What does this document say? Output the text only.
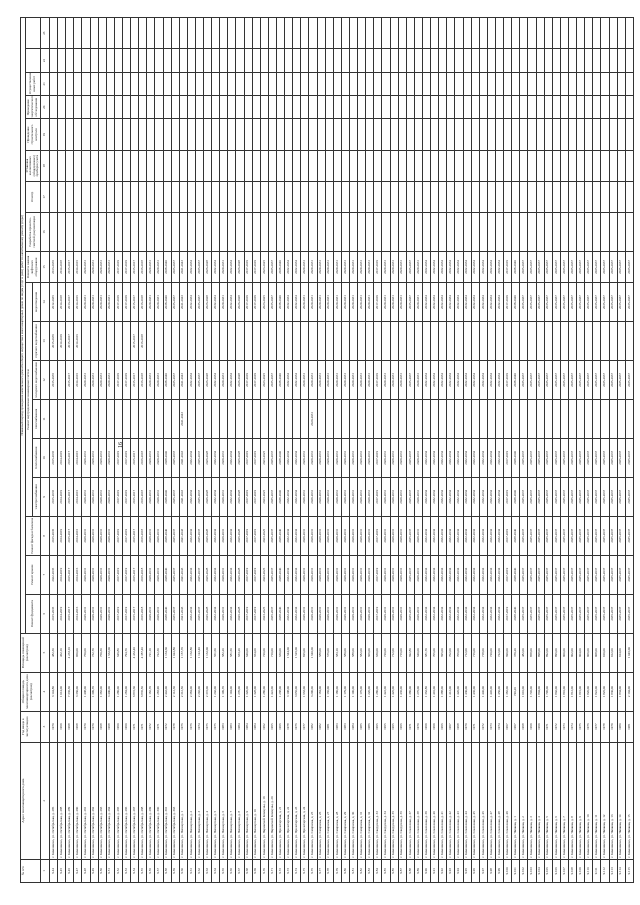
16
№ п/п	Адрес многоквартирного дома	Год ввода в эксплуатацию	Общая площадь многоквартирного дома (кв.метров)	Площадь помещений (кв.метров)	Плановый период проведения капитального ремонта общего имущества в многоквартирных домах по видам услуг и (или) работ по капитальному ремонту (годы)																	
					Ремонт фундамента	Ремонт крыши	Ремонт фасада и балконов	Ремонт внутридомовых инженерных систем						Ремонт и замена лифтового оборудования	Разработка проектно-сметной документации	Осмотр	Установка коллективных (общедомовых) приборов учета	Проведение строительного контроля	Проведение энергетического обследования	Осуществление иных работ		
								электроснабжения	теплоснабжения	газоснабжения	холодного водоснабжения	горячего водоснабжения	водоотведения									
1	2	3	4	5	6	7	8	9	10	11	12	13	14	15	16	17	18	19	20	21	22	23
9.44	г. Камешково, ул. Октябрьская, д. 286	1970	3 144,80	482,30	2015-2035	2022-2035	2015-2035	2015-2035	2015-2035		2015-2035	2015-2035	2012-2035	2013-2035								
9.45	г. Камешково, ул. Октябрьская, д. 288	1969	1 014,00	462,10	2014-2019	2014-2019	2014-2019	2014-2019	2014-2019			2014-2019	2014-2018	2014-2018								
9.46	г. Камешково, ул. Октябрьская, д. 289	1968	7 336,30	4 233,10	2015-2017	2015-2017	2015-2017	2015-2017	2015-2017		2015-2017	2015-2017	2013-2017	2015-2017								
9.47	г. Камешково, ул. Октябрьская, д. 290	1968	3 360,00	960,00	2014-2016	2014-2016	2014-2016	2014-2016	2014-2016		2014-2016	2014-2016	2014-2016	2014-2016								
9.48	г. Камешково, ул. Октябрьская, д. 291	1970	1 408,00	760,00	2029-2031	2029-2031	2029-2031	2029-2031	2029-2031		2029-2031		2029-2031	2029-2031								
9.49	г. Камешково, ул. Октябрьская, д. 292	1970	1 399,70	732,70	2029-2031	2029-2031	2029-2031	2029-2031	2029-2031		2029-2031		2029-2031	2029-2031								
9.50	г. Камешково, ул. Октябрьская, д. 293	1968	1 382,00	760,30	2029-2031	2029-2031	2029-2031	2029-2031	2029-2031		2029-2031		2029-2031	2029-2031								
9.51	г. Камешково, ул. Октябрьская, д. 294	1968	3 400,00	1 532,00	2029-2031	2029-2031	2029-2031	2029-2031	2029-2031		2029-2031		2029-2031	2029-2031								
9.52	г. Камешково, ул. Октябрьская, д. 295	1960	1 280,00	646,80	2017-2019	2017-2019	2017-2019	2017-2019	2017-2019		2017-2019		2017-2019	2017-2019								
9.53	г. Камешково, ул. Октябрьская, д. 296	1960	1 284,00	794,70	2017-2019	2017-2019	2017-2019	2017-2019	2017-2019		2017-2019		2017-2019	2017-2019								
9.54	г. Камешково, ул. Октябрьская, д. 297	1971	6 872,60	4 432,40	2015-2017	2015-2017	2015-2017	2015-2017	2015-2017		2015-2017	2015-2017	2015-2017	2015-2017								
9.55	г. Камешково, ул. Октябрьская, д. 298	1971	6 835,50	4 387,40	2016-2018	2016-2018	2016-2018	2016-2018	2016-2018		2016-2018	2016-2018	2016-2018	2016-2018								
9.56	г. Камешково, ул. Октябрьская, д. 299	1972	1 182,70	721,10	2029-2031	2029-2031	2029-2031	2029-2031	2029-2031		2029-2031		2029-2031	2029-2031								
9.57	г. Камешково, ул. Октябрьская, д. 300	1971	1 283,90	722,30	2029-2031	2029-2031	2029-2031	2029-2031	2029-2031		2029-2031		2029-2031	2029-2031								
9.58	г. Камешково, ул. Октябрьская, д. 301	1972	2 442,00	1 134,60	2038-2040	2038-2040	2038-2040	2038-2040	2038-2040		2038-2040		2038-2040	2038-2040								
9.59	г. Камешково, ул. Октябрьская, д. 303	1978	2 112,30	1 022,80	2035-2037	2035-2037	2035-2037	2035-2037	2035-2037		2035-2037		2035-2037	2035-2037								
9.60	г. Камешково, ул. Пионерская, д. 1	1976	2 312,50	1 157,70	2041-2043	2041-2043	2041-2043	2041-2043	2041-2043	2041-2043	2041-2043		2041-2043	2041-2043								
9.61	г. Камешково, ул. Пионерская, д. 2	1976	2 384,00	1 162,80	2032-2034	2032-2034	2032-2034	2032-2034	2032-2034		2032-2034		2032-2034	2032-2034								
9.62	г. Камешково, ул. Пионерская, д. 3	1974	2 292,00	1 122,40	2035-2037	2035-2037	2035-2037	2035-2037	2035-2037		2035-2037		2035-2037	2035-2037								
9.63	г. Камешково, ул. Пионерская, д. 4	1975	2 372,00	1 132,00	2026-2028	2026-2028	2026-2028	2026-2028	2026-2028		2026-2028		2026-2028	2026-2028								
9.64	г. Камешково, ул. Пионерская, д. 5	1975	1 202,00	561,60	2032-2034	2032-2034	2032-2034	2032-2034	2032-2034		2032-2034		2032-2034	2032-2034								
9.65	г. Камешково, ул. Пионерская, д. 6	1983	1 199,70	582,20	2029-2031	2029-2031	2029-2031	2029-2031	2029-2031		2029-2031		2029-2031	2029-2031								
9.66	г. Камешково, ул. Пионерская, д. 7	1983	1 194,00	581,50	2032-2034	2032-2034	2032-2034	2032-2034	2032-2034		2032-2034		2032-2034	2032-2034								
9.67	г. Камешково, ул. Пионерская, д. 8	1984	1 270,00	633,20	2026-2028	2026-2028	2026-2028	2026-2028	2026-2028		2026-2028		2026-2028	2026-2028								
9.68	г. Камешково, ул. Пионерская, д. 9	1984	1 320,00	640,00	2017-2019	2017-2019	2017-2019	2017-2019	2017-2019		2017-2019		2017-2019	2017-2019								
9.69	г. Камешково, ул. Пионерская, д. 10	1984	1 328,00	654,00	2017-2019	2017-2019	2017-2019	2017-2019	2017-2019		2017-2019		2017-2019	2017-2019								
9.70	г. Камешково, ул. Парижской Коммуны, д. 19	1962	1 280,00	720,00	2023-2025	2023-2025	2023-2025	2023-2025	2023-2025		2023-2025		2023-2025	2023-2025								
9.71	г. Камешково, ул. Парижской Коммуны, д. 20	1965	1 422,00	710,00	2035-2037	2035-2037	2035-2037	2035-2037	2035-2037		2035-2037		2035-2037	2035-2037								
9.72	г. Камешково, ул. Пролетарская, д. 21	1966	1 268,00	630,00	2038-2040	2038-2040	2038-2040	2038-2040	2038-2040		2038-2040		2038-2040	2038-2040								
9.73	г. Камешково, ул. Пролетарская, д. 22	1978	3 108,00	1 544,00	2032-2034	2032-2034	2032-2034	2032-2034	2032-2034		2032-2034		2032-2034	2032-2034								
9.74	г. Камешково, ул. Пролетарская, д. 23	1976	3 056,00	1 526,00	2032-2034	2032-2034	2032-2034	2032-2034	2032-2034		2032-2034		2032-2034	2032-2034								
9.75	г. Камешково, ул. Пролетарская, д. 24	1977	1 663,00	826,00	2029-2031	2029-2031	2029-2031	2029-2031	2029-2031		2029-2031		2029-2031	2029-2031								
9.76	г. Камешково, ул. Смирнова, д. 25	1982	3 290,00	1 640,00	2029-2031	2029-2031	2029-2031	2029-2031	2029-2031	2029-2031	2029-2031		2029-2031	2029-2031								
9.77	г. Камешково, ул. Смирнова, д. 26	1982	1 184,00	588,00	2029-2031	2029-2031	2029-2031	2029-2031	2029-2031		2029-2031		2029-2031	2029-2031								
9.78	г. Камешково, ул. Смирнова, д. 27	1981	1 166,00	576,00	2029-2031	2029-2031	2029-2031	2029-2031	2029-2031		2029-2031		2029-2031	2029-2031								
9.79	г. Камешково, ул. Смирнова, д. 28	1983	1 180,00	583,10	2029-2031	2029-2031	2029-2031	2029-2031	2029-2031		2029-2031		2029-2031	2029-2031								
9.80	г. Камешково, ул. Смирнова, д. 29	1983	1 179,00	580,00	2029-2031	2029-2031	2029-2031	2029-2031	2029-2031		2029-2031		2029-2031	2029-2031								
9.81	г. Камешково, ул. Смирнова, д. 30	1984	1 190,00	588,00	2029-2031	2029-2031	2029-2031	2029-2031	2029-2031		2029-2031		2029-2031	2029-2031								
9.82	г. Камешково, ул. Смирнова, д. 31	1985	1 176,00	582,00	2029-2031	2029-2031	2029-2031	2029-2031	2029-2031		2029-2031		2029-2031	2029-2031								
9.83	г. Камешково, ул. Смирнова, д. 32	1986	1 220,00	606,00	2029-2031	2029-2031	2029-2031	2029-2031	2029-2031		2029-2031		2029-2031	2029-2031								
9.84	г. Камешково, ул. Свердлова, д. 33	1965	1 280,00	630,00	2017-2019	2017-2019	2017-2019	2017-2019	2017-2019		2017-2019		2017-2019	2017-2019								
9.85	г. Камешково, ул. Свердлова, д. 34	1965	1 422,00	720,00	2029-2031	2029-2031	2029-2031	2029-2031	2029-2031		2029-2031		2029-2031	2029-2031								
9.86	г. Камешково, ул. Свердлова, д. 35	1965	1 426,00	712,00	2029-2031	2029-2031	2029-2031	2029-2031	2029-2031		2029-2031		2029-2031	2029-2031								
9.87	г. Камешково, ул. Свердлова, д. 36	1966	1 436,00	716,00	2029-2031	2029-2031	2029-2031	2029-2031	2029-2031		2029-2031		2029-2031	2029-2031								
9.88	г. Камешково, ул. Совхозная, д. 37	1971	1 380,00	692,80	2035-2037	2035-2037	2035-2037	2035-2037	2035-2037		2035-2037		2035-2037	2035-2037								
9.89	г. Камешково, ул. Совхозная, д. 38	1970	1 276,00	640,00	2029-2031	2029-2031	2029-2031	2029-2031	2029-2031		2029-2031		2029-2031	2029-2031								
9.90	г. Камешково, ул. Совхозная, д. 39	1969	1 362,80	681,70	2032-2034	2032-2034	2032-2034	2032-2034	2032-2034		2032-2034		2032-2034	2032-2034								
9.91	г. Камешково, ул. Совхозная, д. 40	1969	1 410,00	705,00	2032-2034	2032-2034	2032-2034	2032-2034	2032-2034		2032-2034		2032-2034	2032-2034								
9.92	г. Камешково, ул. Совхозная, д. 41	1966	1 388,00	695,00	2032-2034	2032-2034	2032-2034	2032-2034	2032-2034		2032-2034		2032-2034	2032-2034								
9.93	г. Камешково, ул. Совхозная, д. 42	1967	1 412,00	702,00	2032-2034	2032-2034	2032-2034	2032-2034	2032-2034		2032-2034		2032-2034	2032-2034								
9.94	г. Камешково, ул. Совхозная, д. 43	1968	1 420,00	706,00	2032-2034	2032-2034	2032-2034	2032-2034	2032-2034		2032-2034		2032-2034	2032-2034								
9.95	г. Камешково, ул. Совхозная, д. 44	1970	1 430,00	712,00	2032-2034	2032-2034	2032-2034	2032-2034	2032-2034		2032-2034		2032-2034	2032-2034								
9.96	г. Камешково, ул. Совхозная, д. 45	1971	1 436,00	716,00	2032-2034	2032-2034	2032-2034	2032-2034	2032-2034		2032-2034		2032-2034	2032-2034								
9.97	г. Камешково, ул. Совхозная, д. 46	1972	1 440,00	718,00	2032-2034	2032-2034	2032-2034	2032-2034	2032-2034		2032-2034		2032-2034	2032-2034								
9.98	г. Камешково, ул. Совхозная, д. 47	1973	1 446,00	720,00	2032-2034	2032-2034	2032-2034	2032-2034	2032-2034		2032-2034		2032-2034	2032-2034								
9.99	г. Камешково, ул. Совхозная, д. 48	1974	1 450,00	722,00	2032-2034	2032-2034	2032-2034	2032-2034	2032-2034		2032-2034		2032-2034	2032-2034								
9.100	г. Камешково, ул. Совхозная, д. 49	1967	1 382,00	690,00	2017-2019	2017-2019	2017-2019	2017-2019	2017-2019		2017-2019		2017-2019	2017-2019								
9.101	г. Камешково, ул. Чапаева, д. 1	1967	740,20	370,20	2038-2040	2038-2040	2038-2040	2038-2040	2038-2040		2038-2040		2038-2040	2038-2040								
9.102	г. Камешково, ул. Чапаева, д. 2	1968	1 010,00	482,00	2035-2037	2035-2037	2035-2037	2035-2037	2035-2037		2035-2037		2035-2037	2035-2037								
9.103	г. Камешково, ул. Чапаева, д. 3	1969	1 746,00	868,00	2035-2037	2035-2037	2035-2037	2035-2037	2035-2037		2035-2037		2035-2037	2035-2037								
9.104	г. Камешково, ул. Чапаева, д. 4	1969	1 804,00	898,00	2035-2037	2035-2037	2035-2037	2035-2037	2035-2037		2035-2037		2035-2037	2035-2037								
9.105	г. Камешково, ул. Чапаева, д. 5	1971	1 796,00	892,00	2035-2037	2035-2037	2035-2037	2035-2037	2035-2037		2035-2037		2035-2037	2035-2037								
9.106	г. Камешково, ул. Чапаева, д. 6	1972	1 802,00	896,00	2035-2037	2035-2037	2035-2037	2035-2037	2035-2037		2035-2037		2035-2037	2035-2037								
9.107	г. Камешково, ул. Чапаева, д. 7	1973	1 810,00	900,00	2035-2037	2035-2037	2035-2037	2035-2037	2035-2037		2035-2037		2035-2037	2035-2037								
9.108	г. Камешково, ул. Чапаева, д. 8	1974	1 812,00	902,00	2035-2037	2035-2037	2035-2037	2035-2037	2035-2037		2035-2037		2035-2037	2035-2037								
9.109	г. Камешково, ул. Чапаева, д. 9	1975	1 816,00	904,00	2035-2037	2035-2037	2035-2037	2035-2037	2035-2037		2035-2037		2035-2037	2035-2037								
9.110	г. Камешково, ул. Чапаева, д. 10	1976	1 820,00	906,00	2035-2037	2035-2037	2035-2037	2035-2037	2035-2037		2035-2037		2035-2037	2035-2037								
9.111	г. Камешково, ул. Чапаева, д. 11	1977	1 822,00	908,00	2035-2037	2035-2037	2035-2037	2035-2037	2035-2037		2035-2037		2035-2037	2035-2037								
9.112	г. Камешково, ул. Чапаева, д. 12	1978	1 826,00	910,00	2035-2037	2035-2037	2035-2037	2035-2037	2035-2037		2035-2037		2035-2037	2035-2037								
9.113	г. Камешково, ул. Чапаева, д. 13	1979	1 830,00	912,00	2035-2037	2035-2037	2035-2037	2035-2037	2035-2037		2035-2037		2035-2037	2035-2037								
9.114	г. Камешково, ул. Чапаева, д. 14	1980	1 834,00	914,00	2035-2037	2035-2037	2035-2037	2035-2037	2035-2037		2035-2037		2035-2037	2035-2037								
9.115	г. Камешково, ул. Чапаева, д. 15	1981	2 104,00	1 046,00	2035-2037	2035-2037	2035-2037	2035-2037	2035-2037		2035-2037		2035-2037	2035-2037								
